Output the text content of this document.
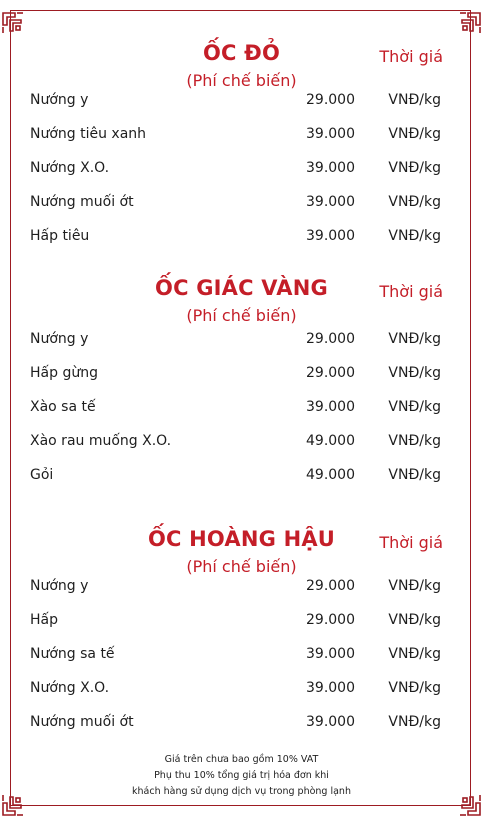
ỐC ĐỎ	Thời giá
(Phí chế biến)
Nướng y	29.000 VNĐ/kg
Nướng tiêu xanh	39.000 VNĐ/kg
Nướng X.O.	39.000 VNĐ/kg
Nướng muối ớt	39.000 VNĐ/kg
Hấp tiêu	39.000 VNĐ/kg
ỐC GIÁC VÀNG	Thời giá
(Phí chế biến)
Nướng y	29.000 VNĐ/kg
Hấp gừng	29.000 VNĐ/kg
Xào sa tế	39.000 VNĐ/kg
Xào rau muống X.O.	49.000 VNĐ/kg
Gỏi	49.000 VNĐ/kg
ỐC HOÀNG HẬU	Thời giá
(Phí chế biến)
Nướng y	29.000 VNĐ/kg
Hấp	29.000 VNĐ/kg
Nướng sa tế	39.000 VNĐ/kg
Nướng X.O.	39.000 VNĐ/kg
Nướng muối ớt	39.000 VNĐ/kg
Giá trên chưa bao gồm 10% VAT
Phụ thu 10% tổng giá trị hóa đơn khi
khách hàng sử dụng dịch vụ trong phòng lạnh
